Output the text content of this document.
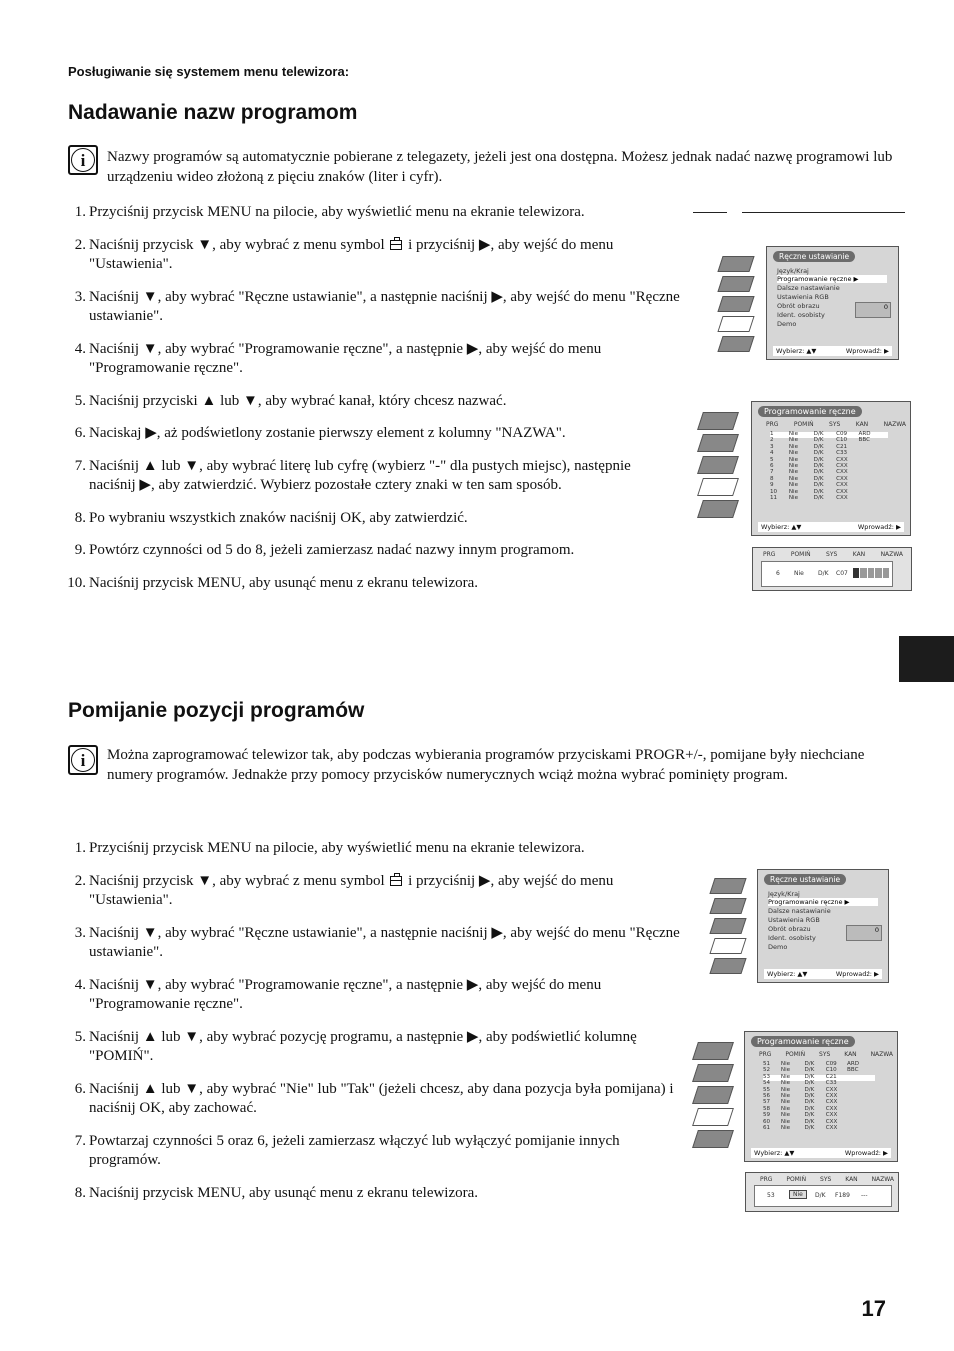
Posługiwanie się systemem menu telewizora:
Nadawanie nazw programom
i	Nazwy programów są automatycznie pobierane z telegazety, jeżeli jest ona dostępna. Możesz jednak nadać nazwę programowi lub urządzeniu wideo złożoną z pięciu znaków (liter i cyfr).
1. Przyciśnij przycisk MENU na pilocie, aby wyświetlić menu na ekranie telewizora.
2. Naciśnij przycisk ▼, aby wybrać z menu symbol i przyciśnij ▶, aby wejść do menu "Ustawienia".
3. Naciśnij ▼, aby wybrać "Ręczne ustawianie", a następnie naciśnij ▶, aby wejść do menu "Ręczne ustawianie".
4. Naciśnij ▼, aby wybrać "Programowanie ręczne", a następnie ▶, aby wejść do menu "Programowanie ręczne".
5. Naciśnij przyciski ▲ lub ▼, aby wybrać kanał, który chcesz nazwać.
6. Naciskaj ▶, aż podświetlony zostanie pierwszy element z kolumny "NAZWA".
7. Naciśnij ▲ lub ▼, aby wybrać literę lub cyfrę (wybierz "-" dla pustych miejsc), następnie naciśnij ▶, aby zatwierdzić. Wybierz pozostałe cztery znaki w ten sam sposób.
8. Po wybraniu wszystkich znaków naciśnij OK, aby zatwierdzić.
9. Powtórz czynności od 5 do 8, jeżeli zamierzasz nadać nazwy innym programom.
10. Naciśnij przycisk MENU, aby usunąć menu z ekranu telewizora.
Ręczne ustawianie
Język/Kraj
Programowanie ręczne ▶
Dalsze nastawianie
Ustawienia RGB
Obrót obrazu
Ident. osobisty
Demo
0
Wybierz: ▲▼	Wprowadź: ▶
Programowanie ręczne
PRG	POMIŃ	SYS	KAN	NAZWA
1	Nie	D/K C09 ARD
2	Nie	D/K C10 BBC
3	Nie	D/K C21
4	Nie	D/K C33
5	Nie	D/K CXX
6	Nie	D/K CXX
7	Nie	D/K CXX
8	Nie	D/K CXX
9	Nie	D/K CXX
10 Nie	D/K CXX
11 Nie	D/K CXX
Wybierz: ▲▼	Wprowadź: ▶
PRG	POMIŃ	SYS	KAN	NAZWA
6 Nie D/K C07
Pomijanie pozycji programów
i	Można zaprogramować telewizor tak, aby podczas wybierania programów przyciskami PROGR+/-, pomijane były niechciane numery programów. Jednakże przy pomocy przycisków numerycznych wciąż można wybrać pominięty program.
1. Przyciśnij przycisk MENU na pilocie, aby wyświetlić menu na ekranie telewizora.
2. Naciśnij przycisk ▼, aby wybrać z menu symbol i przyciśnij ▶, aby wejść do menu "Ustawienia".
3. Naciśnij ▼, aby wybrać "Ręczne ustawianie", a następnie naciśnij ▶, aby wejść do menu "Ręczne ustawianie".
4. Naciśnij ▼, aby wybrać "Programowanie ręczne", a następnie ▶, aby wejść do menu "Programowanie ręczne".
5. Naciśnij ▲ lub ▼, aby wybrać pozycję programu, a następnie ▶, aby podświetlić kolumnę "POMIŃ".
6. Naciśnij ▲ lub ▼, aby wybrać "Nie" lub "Tak" (jeżeli chcesz, aby dana pozycja była pomijana) i naciśnij OK, aby zachować.
7. Powtarzaj czynności 5 oraz 6, jeżeli zamierzasz włączyć lub wyłączyć pomijanie innych programów.
8. Naciśnij przycisk MENU, aby usunąć menu z ekranu telewizora.
Ręczne ustawianie
Język/Kraj
Programowanie ręczne ▶
Dalsze nastawianie
Ustawienia RGB
Obrót obrazu
Ident. osobisty
Demo
0
Wybierz: ▲▼	Wprowadź: ▶
Programowanie ręczne
PRG POMIŃ SYS KAN NAZWA
51 Nie	D/K C09 ARD
52 Nie	D/K C10 BBC
53 Nie	D/K C21
54 Nie	D/K C33
55 Nie	D/K CXX
56 Nie	D/K CXX
57 Nie	D/K CXX
58 Nie	D/K CXX
59 Nie	D/K CXX
60 Nie	D/K CXX
61 Nie	D/K CXX
Wybierz: ▲▼	Wprowadź: ▶
PRG POMIŃ SYS KAN NAZWA
53	Nie	D/K F189 ---
17
